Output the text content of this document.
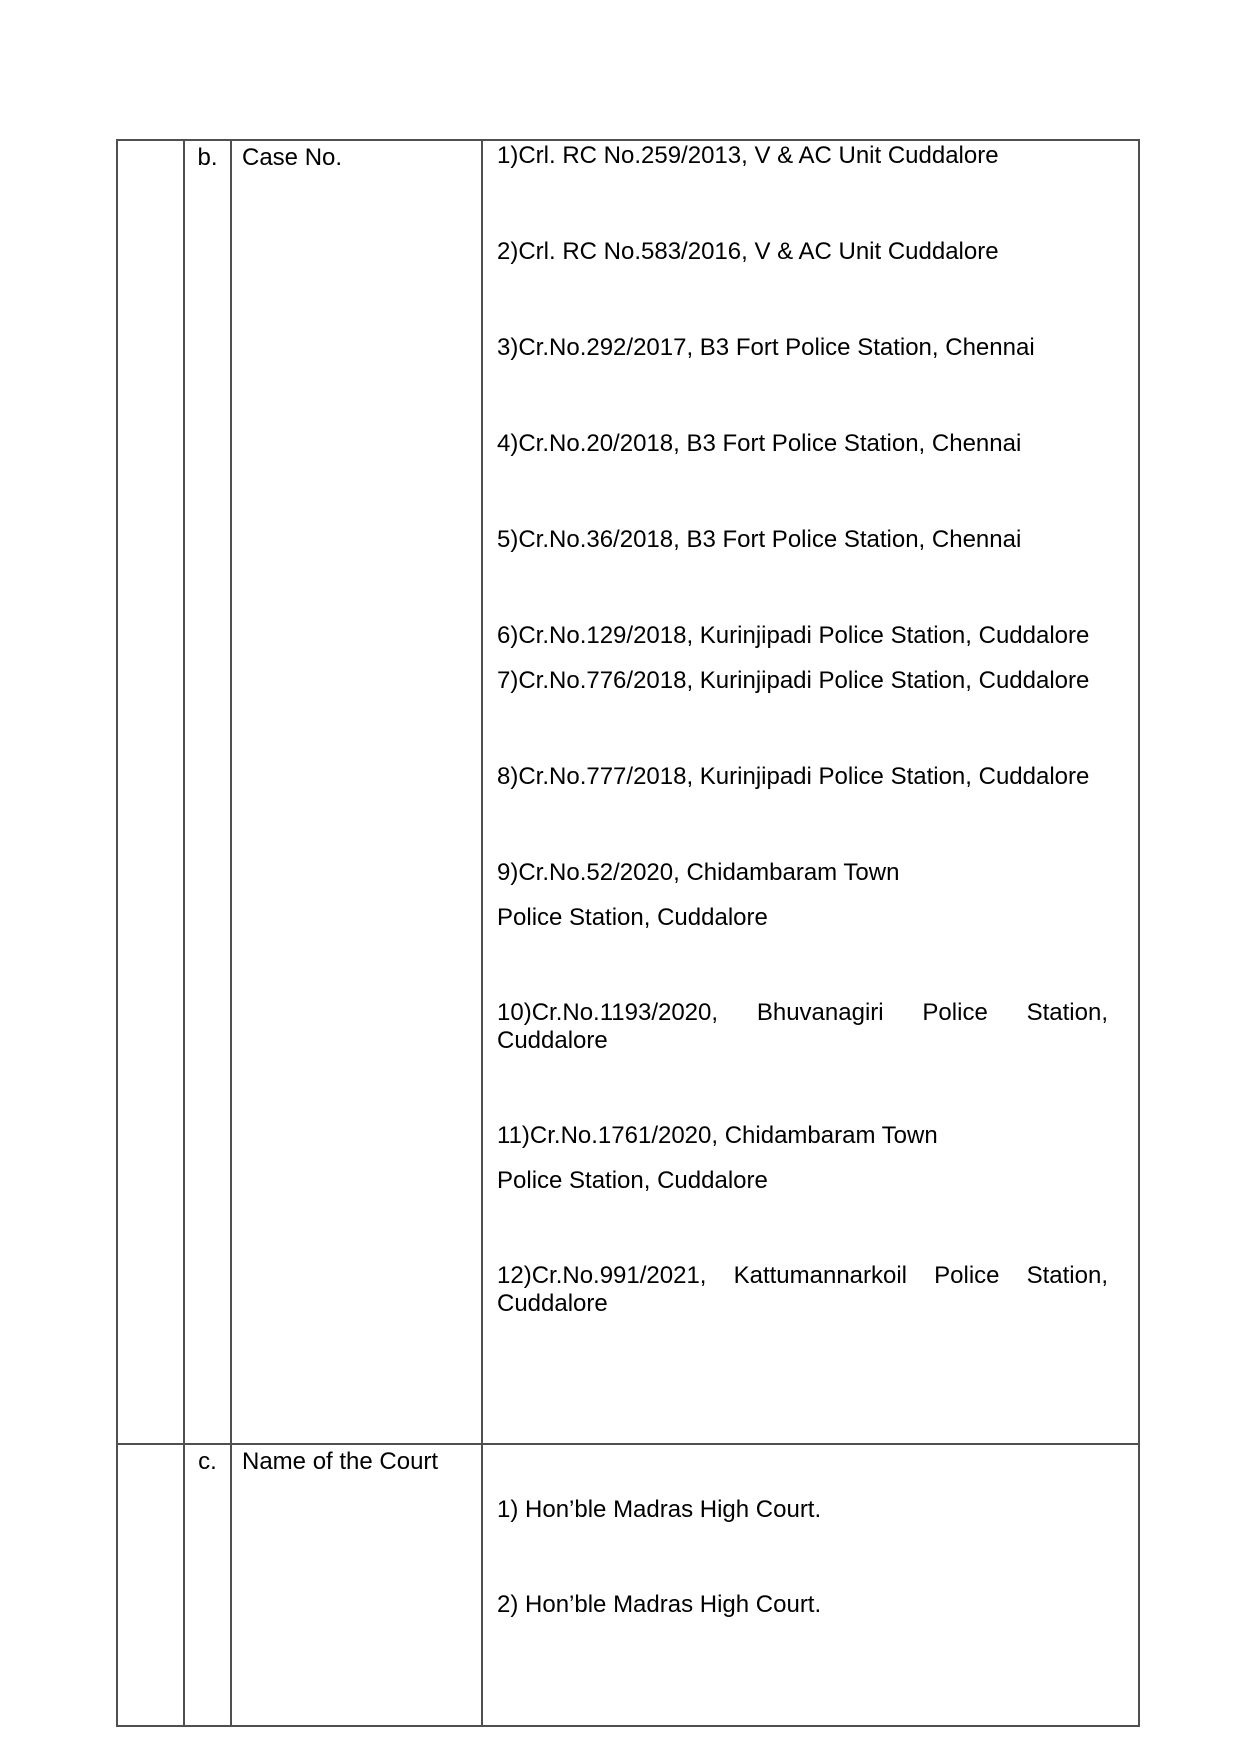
b.	Case No.	1)Crl. RC No.259/2013, V & AC Unit Cuddalore
2)Crl. RC No.583/2016, V & AC Unit Cuddalore
3)Cr.No.292/2017, B3 Fort Police Station, Chennai
4)Cr.No.20/2018, B3 Fort Police Station, Chennai
5)Cr.No.36/2018, B3 Fort Police Station, Chennai
6)Cr.No.129/2018, Kurinjipadi Police Station, Cuddalore
7)Cr.No.776/2018, Kurinjipadi Police Station, Cuddalore
8)Cr.No.777/2018, Kurinjipadi Police Station, Cuddalore
9)Cr.No.52/2020, Chidambaram Town
Police Station, Cuddalore
10)Cr.No.1193/2020, Bhuvanagiri Police Station, Cuddalore
11)Cr.No.1761/2020, Chidambaram Town
Police Station, Cuddalore
12)Cr.No.991/2021, Kattumannarkoil Police Station, Cuddalore
c.	Name of the Court
1) Hon’ble Madras High Court.
2) Hon’ble Madras High Court.
